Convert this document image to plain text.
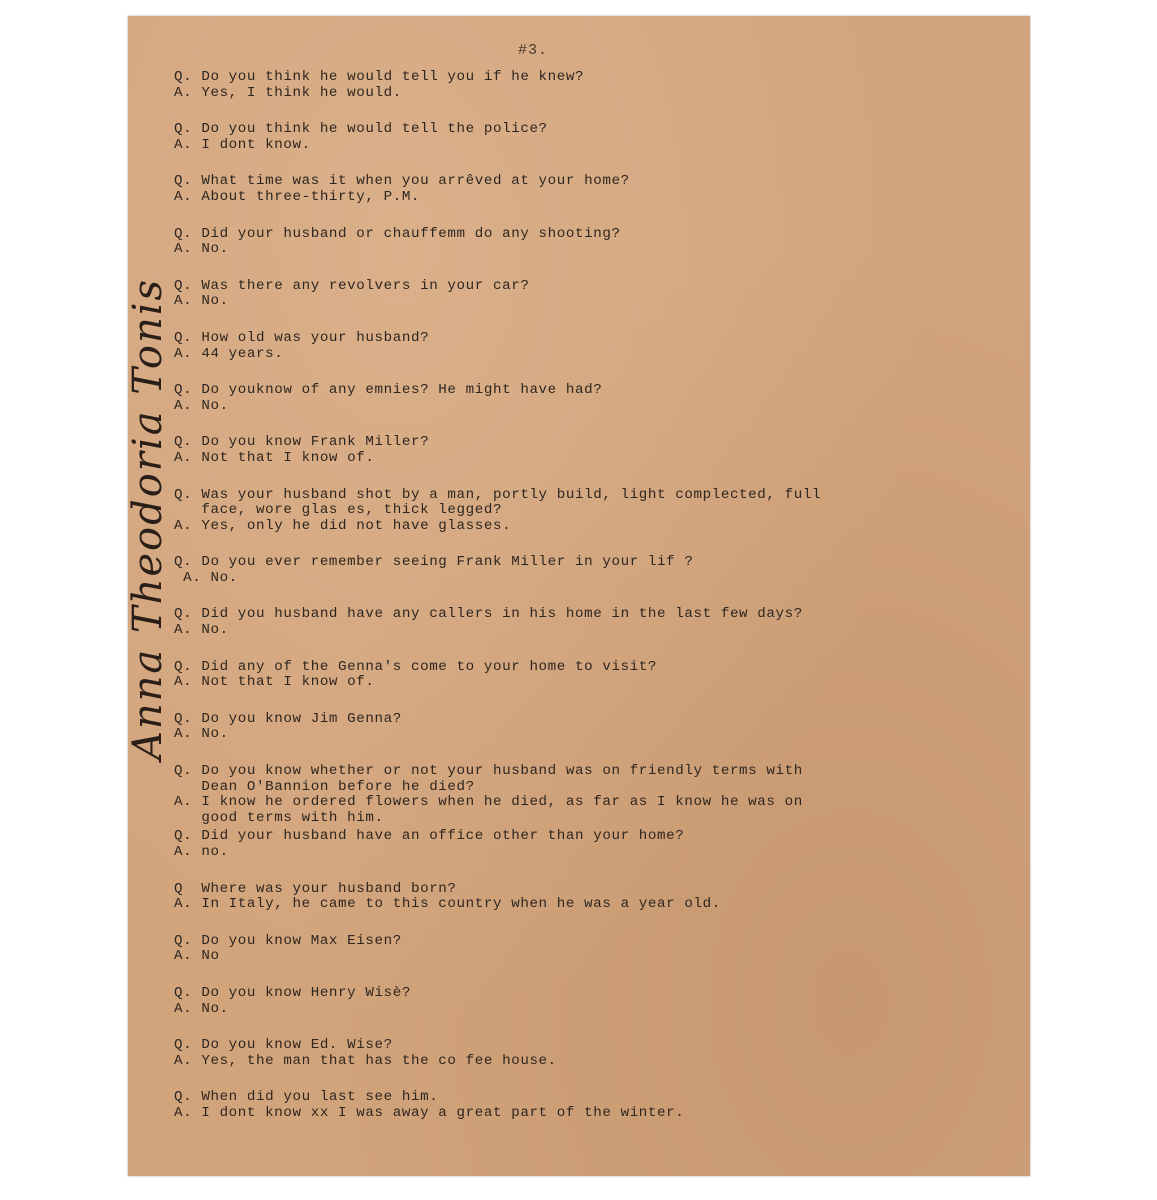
#3.
Anna Theodoria Tonis
Q. Do you think he would tell you if he knew?
A. Yes, I think he would.
Q. Do you think he would tell the police?
A. I dont know.
Q. What time was it when you arrêved at your home?
A. About three-thirty, P.M.
Q. Did your husband or chauffemm do any shooting?
A. No.
Q. Was there any revolvers in your car?
A. No.
Q. How old was your husband?
A. 44 years.
Q. Do youknow of any emnies? He might have had?
A. No.
Q. Do you know Frank Miller?
A. Not that I know of.
Q. Was your husband shot by a man, portly build, light complected, full
face, wore glas es, thick legged?
A. Yes, only he did not have glasses.
Q. Do you ever remember seeing Frank Miller in your lif ?
A. No.
Q. Did you husband have any callers in his home in the last few days?
A. No.
Q. Did any of the Genna's come to your home to visit?
A. Not that I know of.
Q. Do you know Jim Genna?
A. No.
Q. Do you know whether or not your husband was on friendly terms with
Dean O'Bannion before he died?
A. I know he ordered flowers when he died, as far as I know he was on
good terms with him.
Q. Did your husband have an office other than your home?
A. no.
Q  Where was your husband born?
A. In Italy, he came to this country when he was a year old.
Q. Do you know Max Eisen?
A. No
Q. Do you know Henry Wisè?
A. No.
Q. Do you know Ed. Wise?
A. Yes, the man that has the co fee house.
Q. When did you last see him.
A. I dont know xx I was away a great part of the winter.
